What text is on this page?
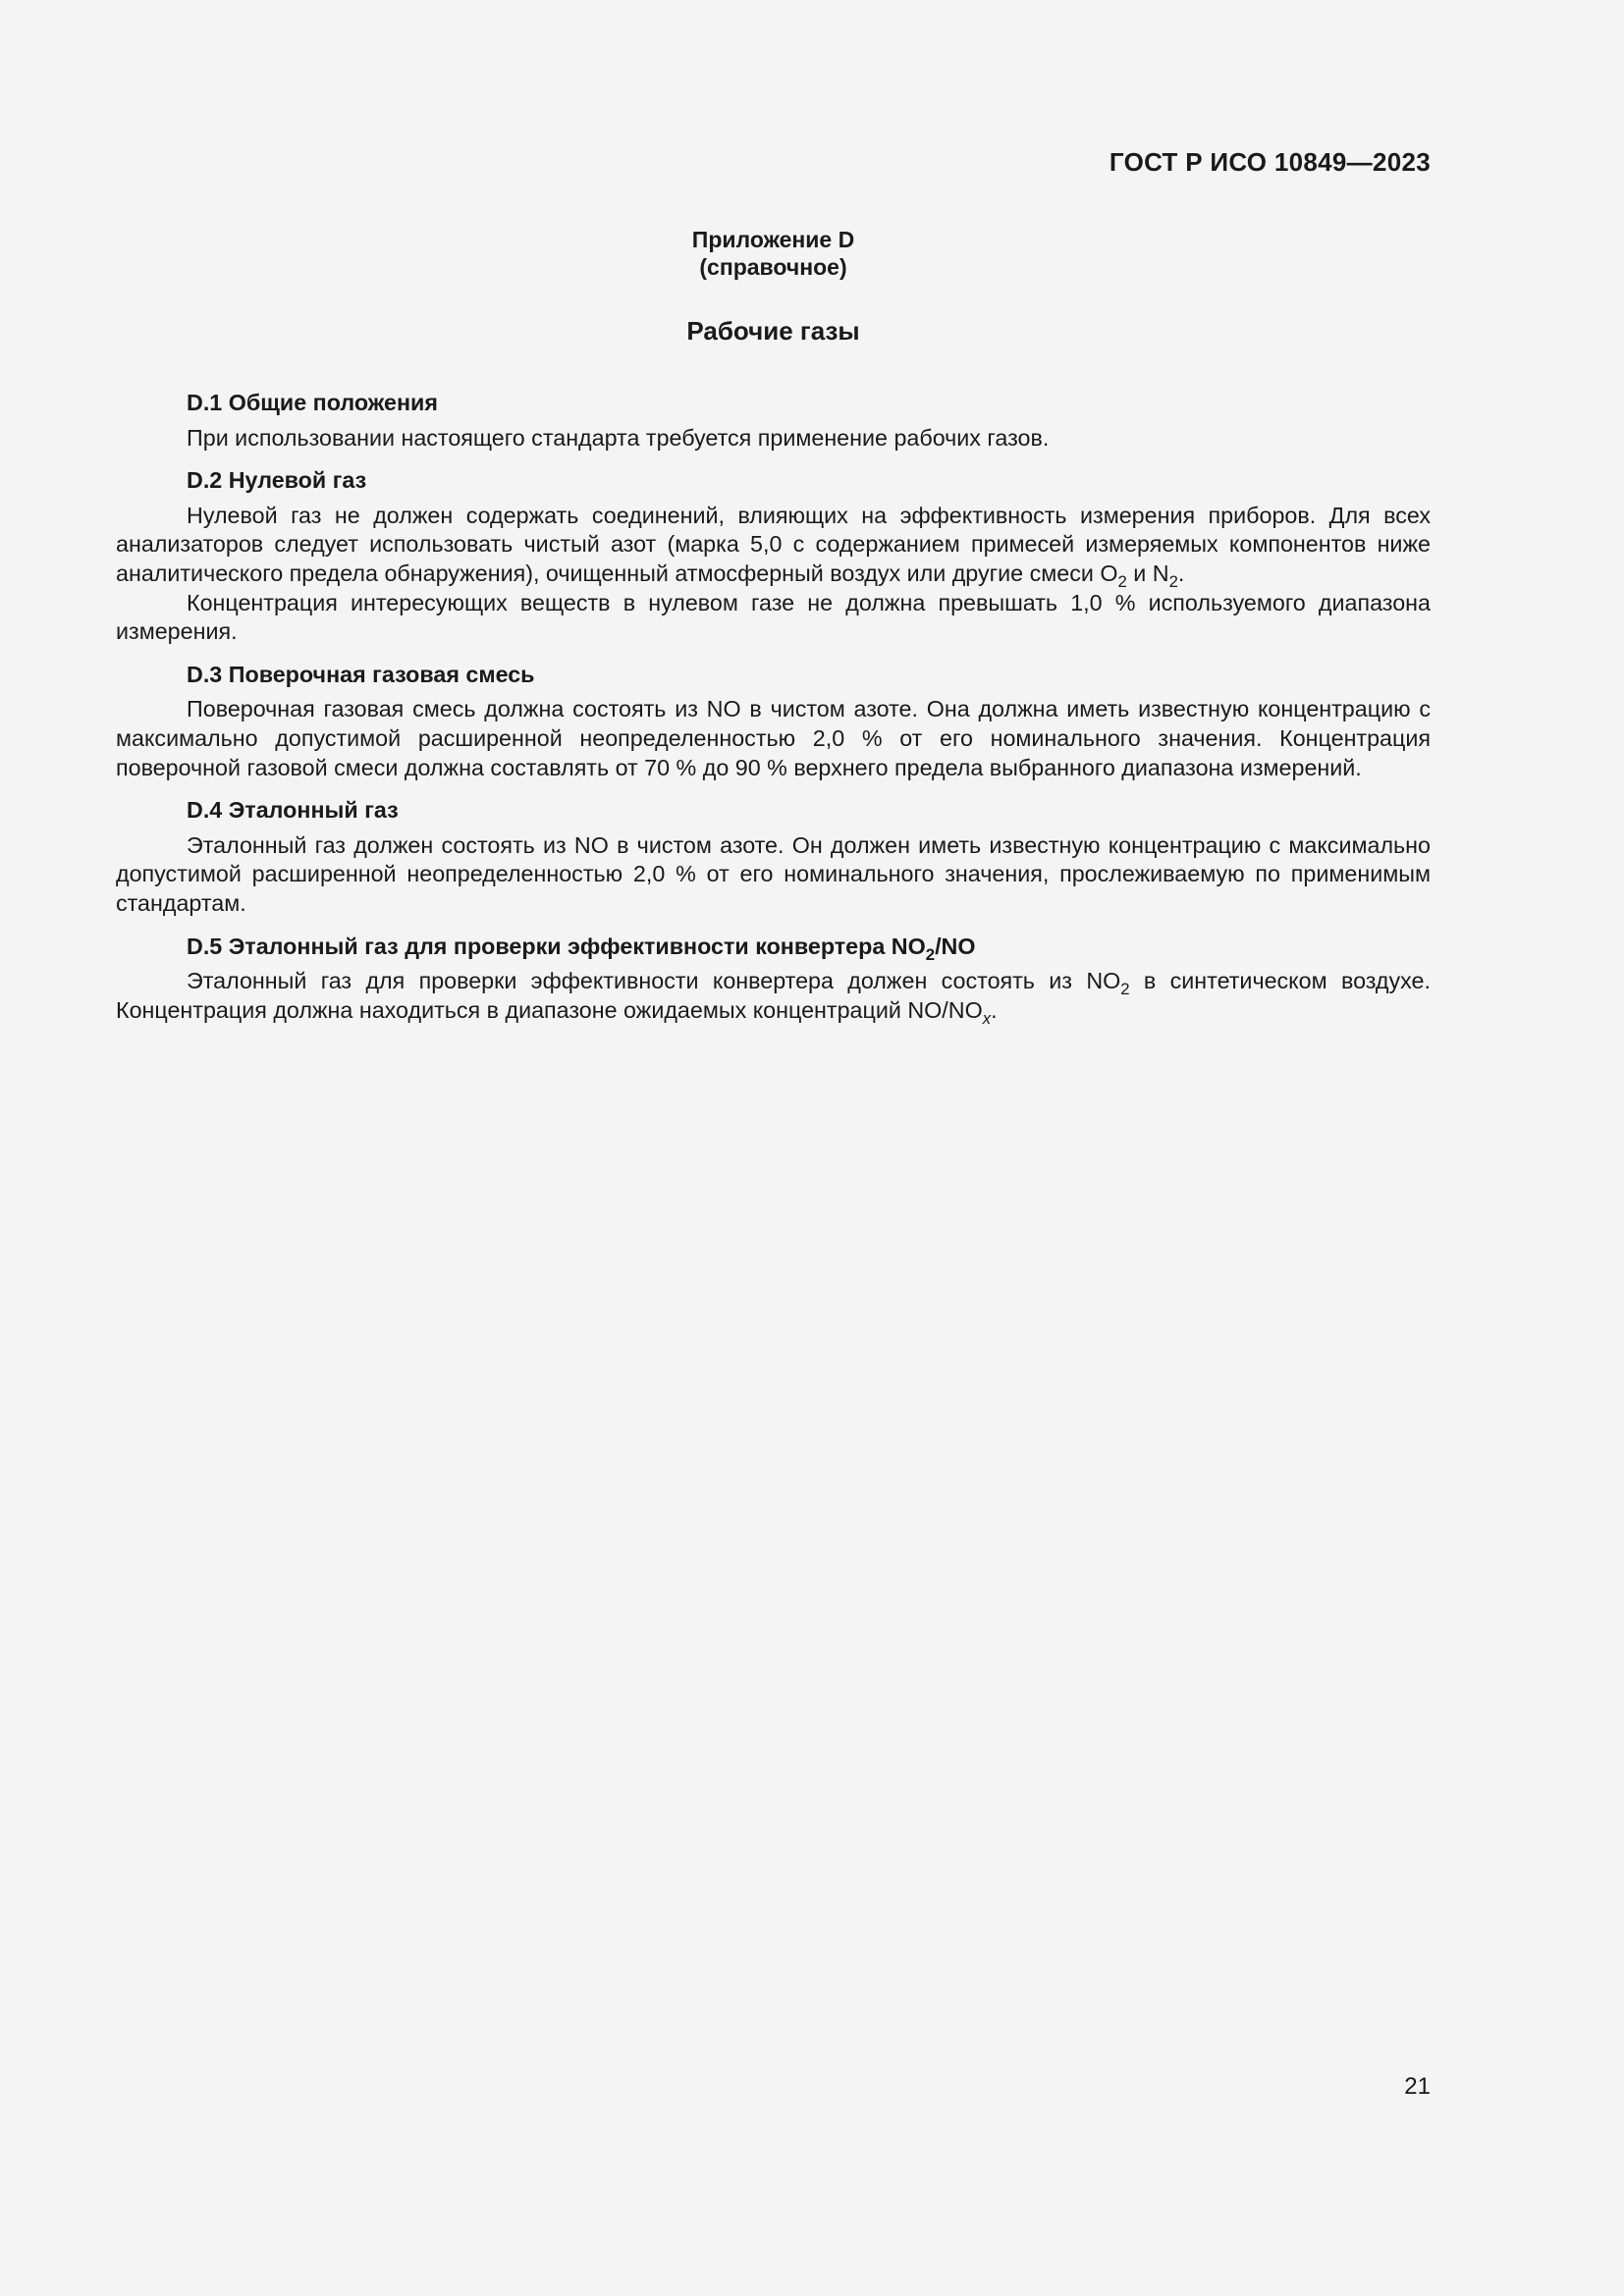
ГОСТ Р ИСО 10849—2023
Приложение D
(справочное)
Рабочие газы
D.1 Общие положения

При использовании настоящего стандарта требуется применение рабочих газов.

D.2 Нулевой газ

Нулевой газ не должен содержать соединений, влияющих на эффективность измерения приборов. Для всех анализаторов следует использовать чистый азот (марка 5,0 с содержанием примесей измеряемых компонентов ниже аналитического предела обнаружения), очищенный атмосферный воздух или другие смеси $O_2$ и $N_2$.

Концентрация интересующих веществ в нулевом газе не должна превышать 1,0 % используемого диапазона измерения.

D.3 Поверочная газовая смесь

Поверочная газовая смесь должна состоять из NO в чистом азоте. Она должна иметь известную концентрацию с максимально допустимой расширенной неопределенностью 2,0 % от его номинального значения. Концентрация поверочной газовой смеси должна составлять от 70 % до 90 % верхнего предела выбранного диапазона измерений.

D.4 Эталонный газ

Эталонный газ должен состоять из NO в чистом азоте. Он должен иметь известную концентрацию с максимально допустимой расширенной неопределенностью 2,0 % от его номинального значения, прослеживаемую по применимым стандартам.

D.5 Эталонный газ для проверки эффективности конвертера $NO_2/NO$

Эталонный газ для проверки эффективности конвертера должен состоять из $NO_2$ в синтетическом воздухе. Концентрация должна находиться в диапазоне ожидаемых концентраций $NO/NO_x$.

21
